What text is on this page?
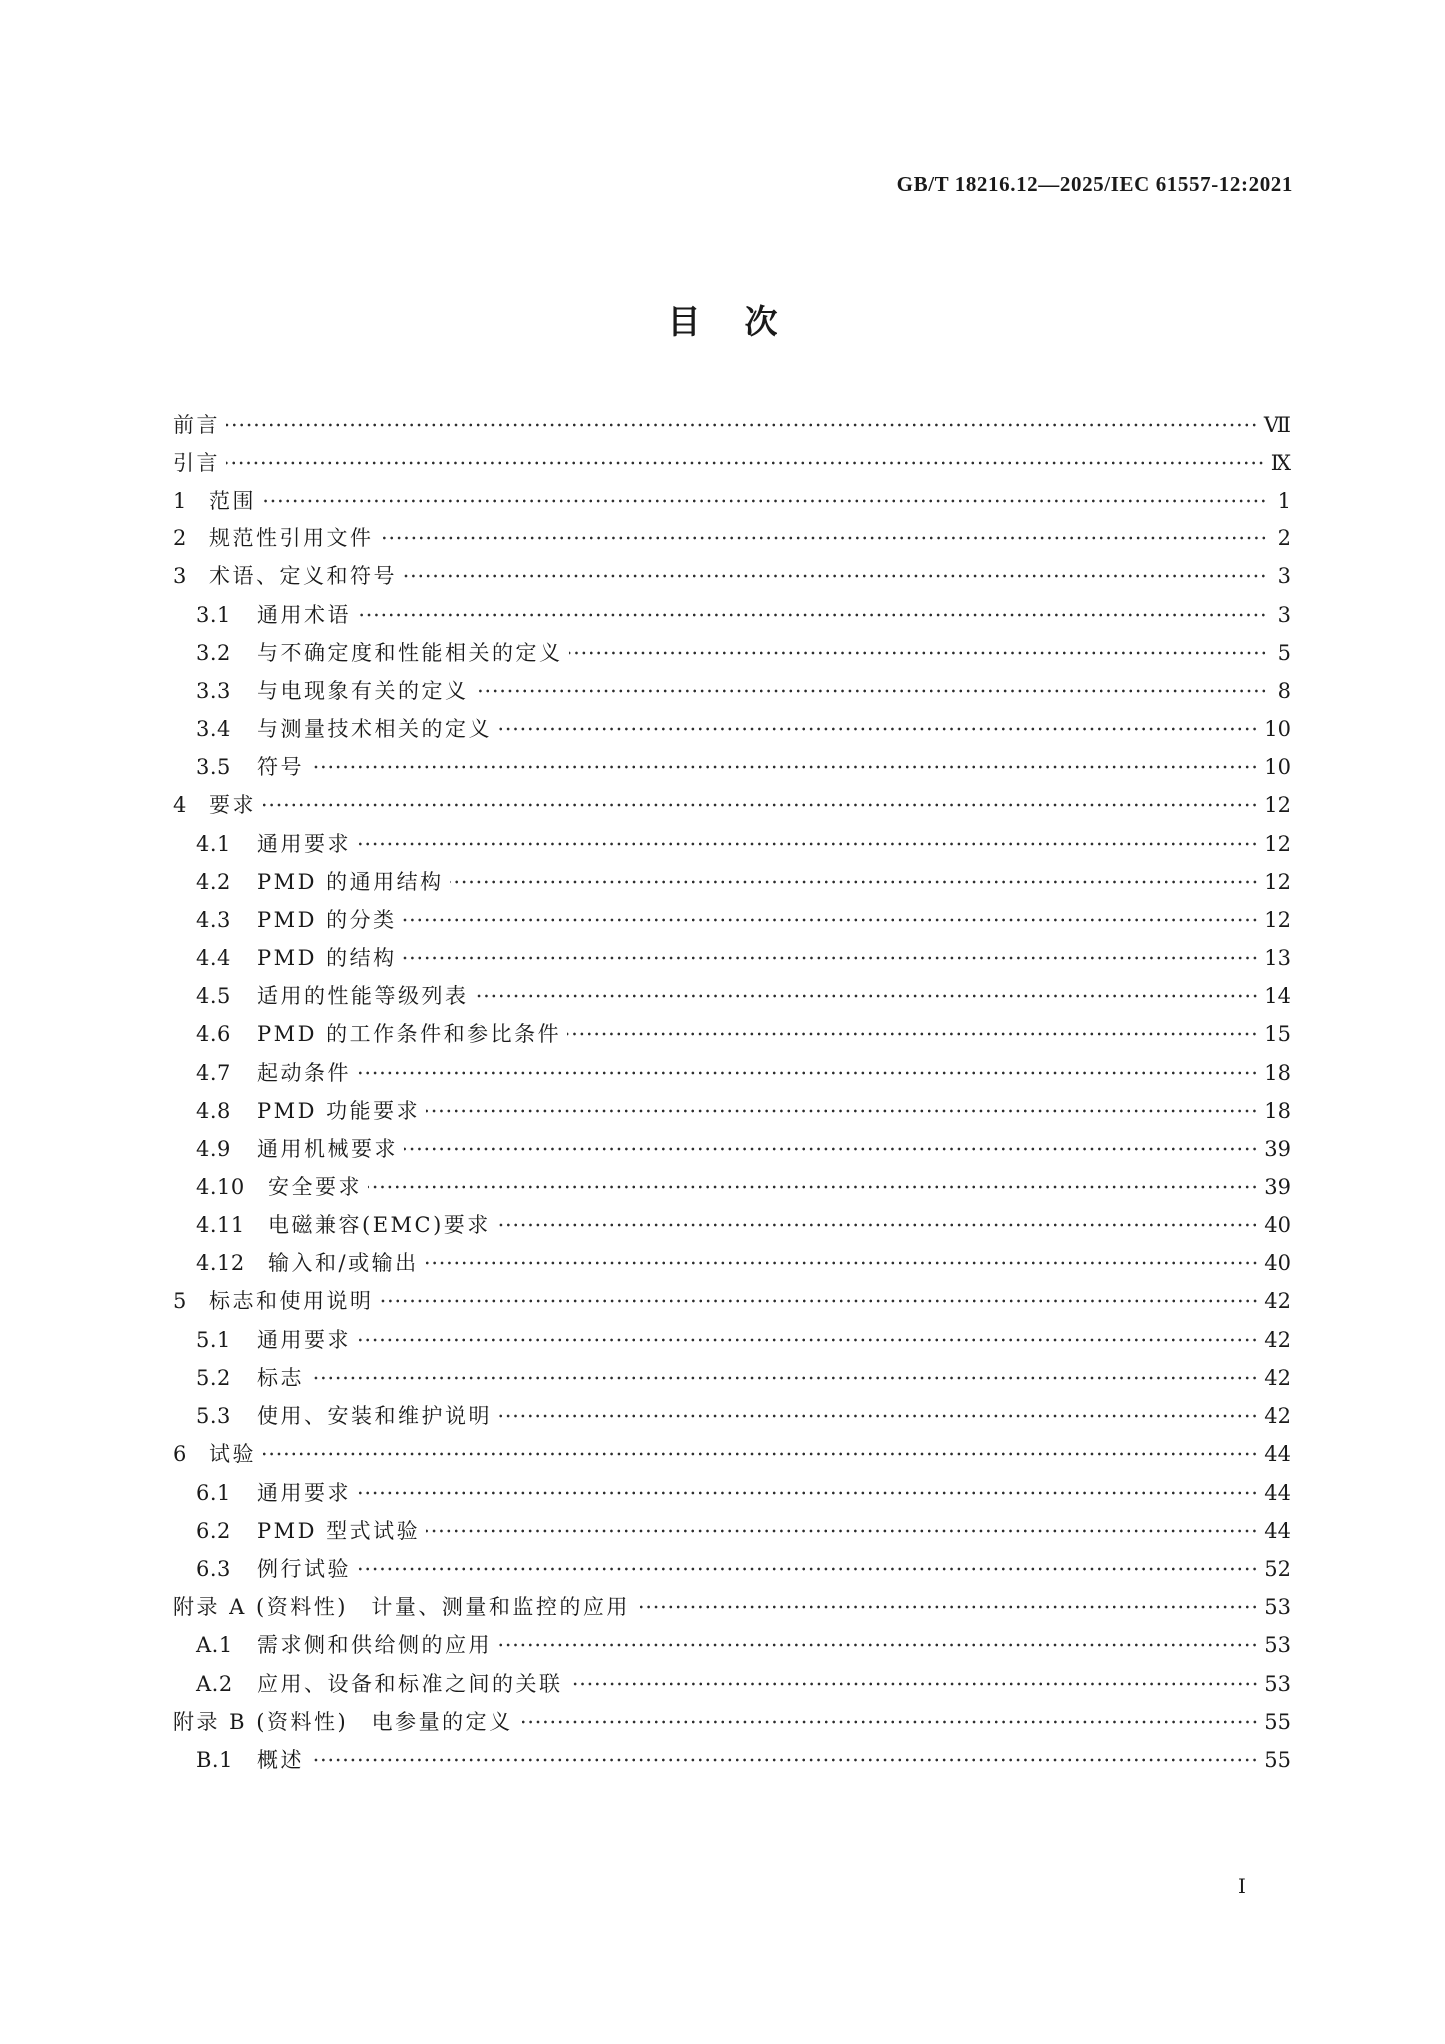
GB/T 18216.12—2025/IEC 61557-12:2021
目次
前言	Ⅶ
引言	Ⅸ
1	范围	1
2	规范性引用文件	2
3	术语、定义和符号	3
3.1	通用术语	3
3.2	与不确定度和性能相关的定义	5
3.3	与电现象有关的定义	8
3.4	与测量技术相关的定义	10
3.5	符号	10
4	要求	12
4.1	通用要求	12
4.2	PMD 的通用结构	12
4.3	PMD 的分类	12
4.4	PMD 的结构	13
4.5	适用的性能等级列表	14
4.6	PMD 的工作条件和参比条件	15
4.7	起动条件	18
4.8	PMD 功能要求	18
4.9	通用机械要求	39
4.10	安全要求	39
4.11	电磁兼容(EMC)要求	40
4.12	输入和/或输出	40
5	标志和使用说明	42
5.1	通用要求	42
5.2	标志	42
5.3	使用、安装和维护说明	42
6	试验	44
6.1	通用要求	44
6.2	PMD 型式试验	44
6.3	例行试验	52
附录 A (资料性)　计量、测量和监控的应用	53
A.1	需求侧和供给侧的应用	53
A.2	应用、设备和标准之间的关联	53
附录 B (资料性)　电参量的定义	55
B.1	概述	55
Ⅰ
